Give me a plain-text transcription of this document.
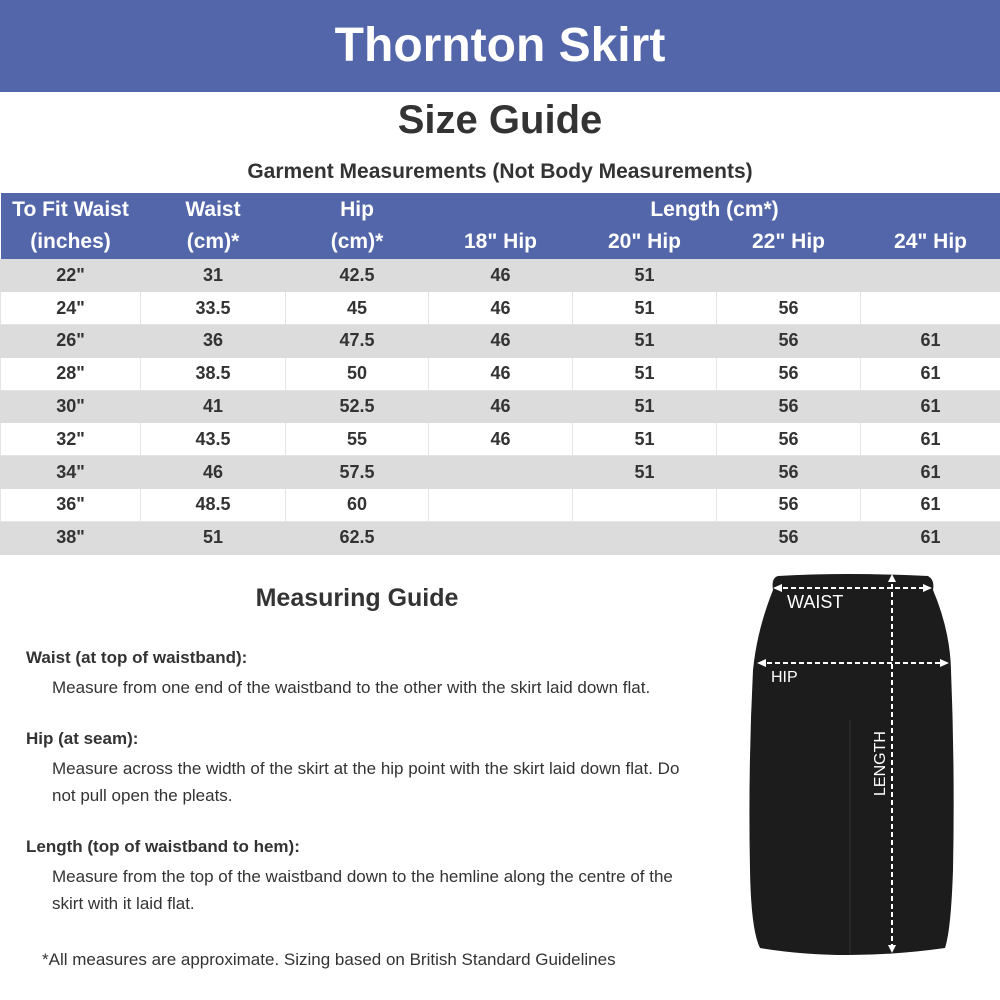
Thornton Skirt
Size Guide
Garment Measurements (Not Body Measurements)
To Fit Waist	Waist	Hip	Length (cm*)			
(inches)	(cm)*	(cm)*	18" Hip	20" Hip	22" Hip	24" Hip
22"	31	42.5	46	51		
24"	33.5	45	46	51	56	
26"	36	47.5	46	51	56	61
28"	38.5	50	46	51	56	61
30"	41	52.5	46	51	56	61
32"	43.5	55	46	51	56	61
34"	46	57.5		51	56	61
36"	48.5	60			56	61
38"	51	62.5			56	61
Measuring Guide
Waist (at top of waistband):

Measure from one end of the waistband to the other with the skirt laid down flat.

Hip (at seam):

Measure across the width of the skirt at the hip point with the skirt laid down flat. Do not pull open the pleats.

Length (top of waistband to hem):

Measure from the top of the waistband down to the hemline along the centre of the skirt with it laid flat.

*All measures are approximate. Sizing based on British Standard Guidelines
WAIST
HIP
LENGTH
